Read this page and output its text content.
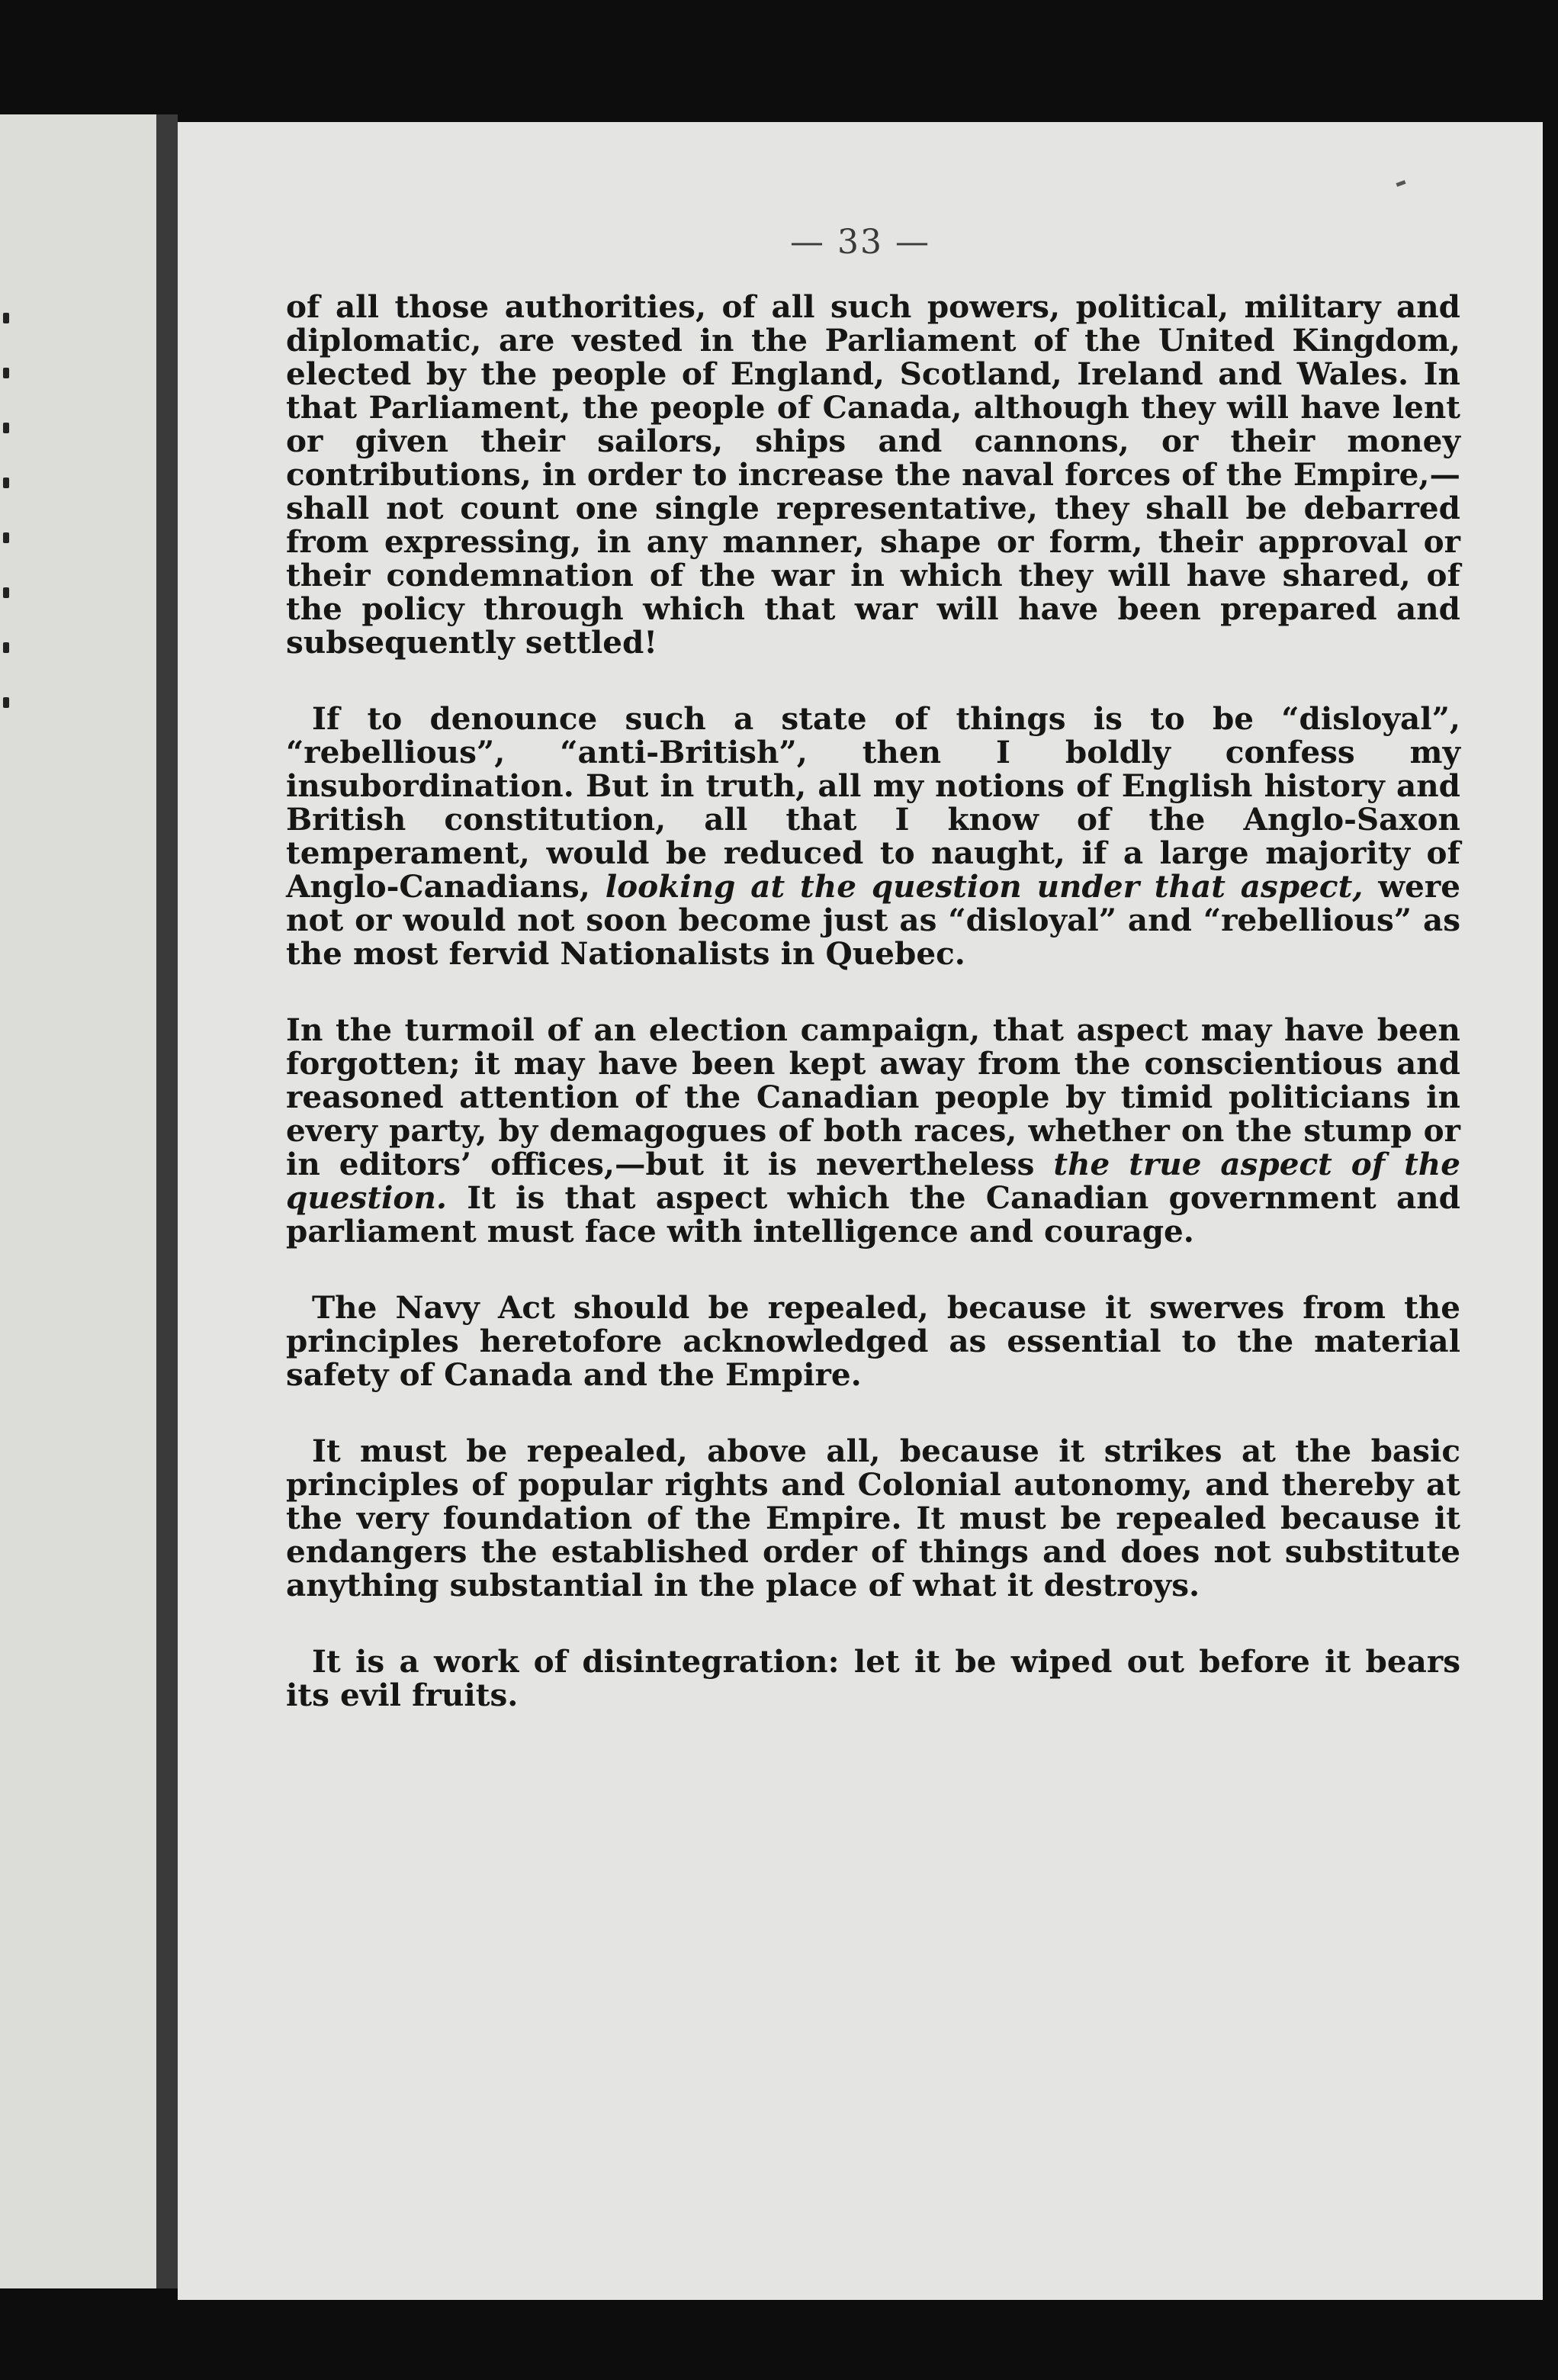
— 33 —

of all those authorities, of all such powers, political, military and diplomatic, are vested in the Parliament of the United Kingdom, elected by the people of England, Scotland, Ireland and Wales. In that Parliament, the people of Canada, although they will have lent or given their sailors, ships and cannons, or their money contributions, in order to increase the naval forces of the Empire,—shall not count one single representative, they shall be debarred from expressing, in any manner, shape or form, their approval or their condemnation of the war in which they will have shared, of the policy through which that war will have been prepared and subsequently settled!

If to denounce such a state of things is to be “disloyal”, “rebellious”, “anti-British”, then I boldly confess my insubordination. But in truth, all my notions of English history and British constitution, all that I know of the Anglo-Saxon temperament, would be reduced to naught, if a large majority of Anglo-Canadians, looking at the question under that aspect, were not or would not soon become just as “disloyal” and “rebellious” as the most fervid Nationalists in Quebec.

In the turmoil of an election campaign, that aspect may have been forgotten; it may have been kept away from the conscientious and reasoned attention of the Canadian people by timid politicians in every party, by demagogues of both races, whether on the stump or in editors’ offices,—but it is nevertheless the true aspect of the question. It is that aspect which the Canadian government and parliament must face with intelligence and courage.

The Navy Act should be repealed, because it swerves from the principles heretofore acknowledged as essential to the material safety of Canada and the Empire.

It must be repealed, above all, because it strikes at the basic principles of popular rights and Colonial autonomy, and thereby at the very foundation of the Empire. It must be repealed because it endangers the established order of things and does not substitute anything substantial in the place of what it destroys.

It is a work of disintegration: let it be wiped out before it bears its evil fruits.
